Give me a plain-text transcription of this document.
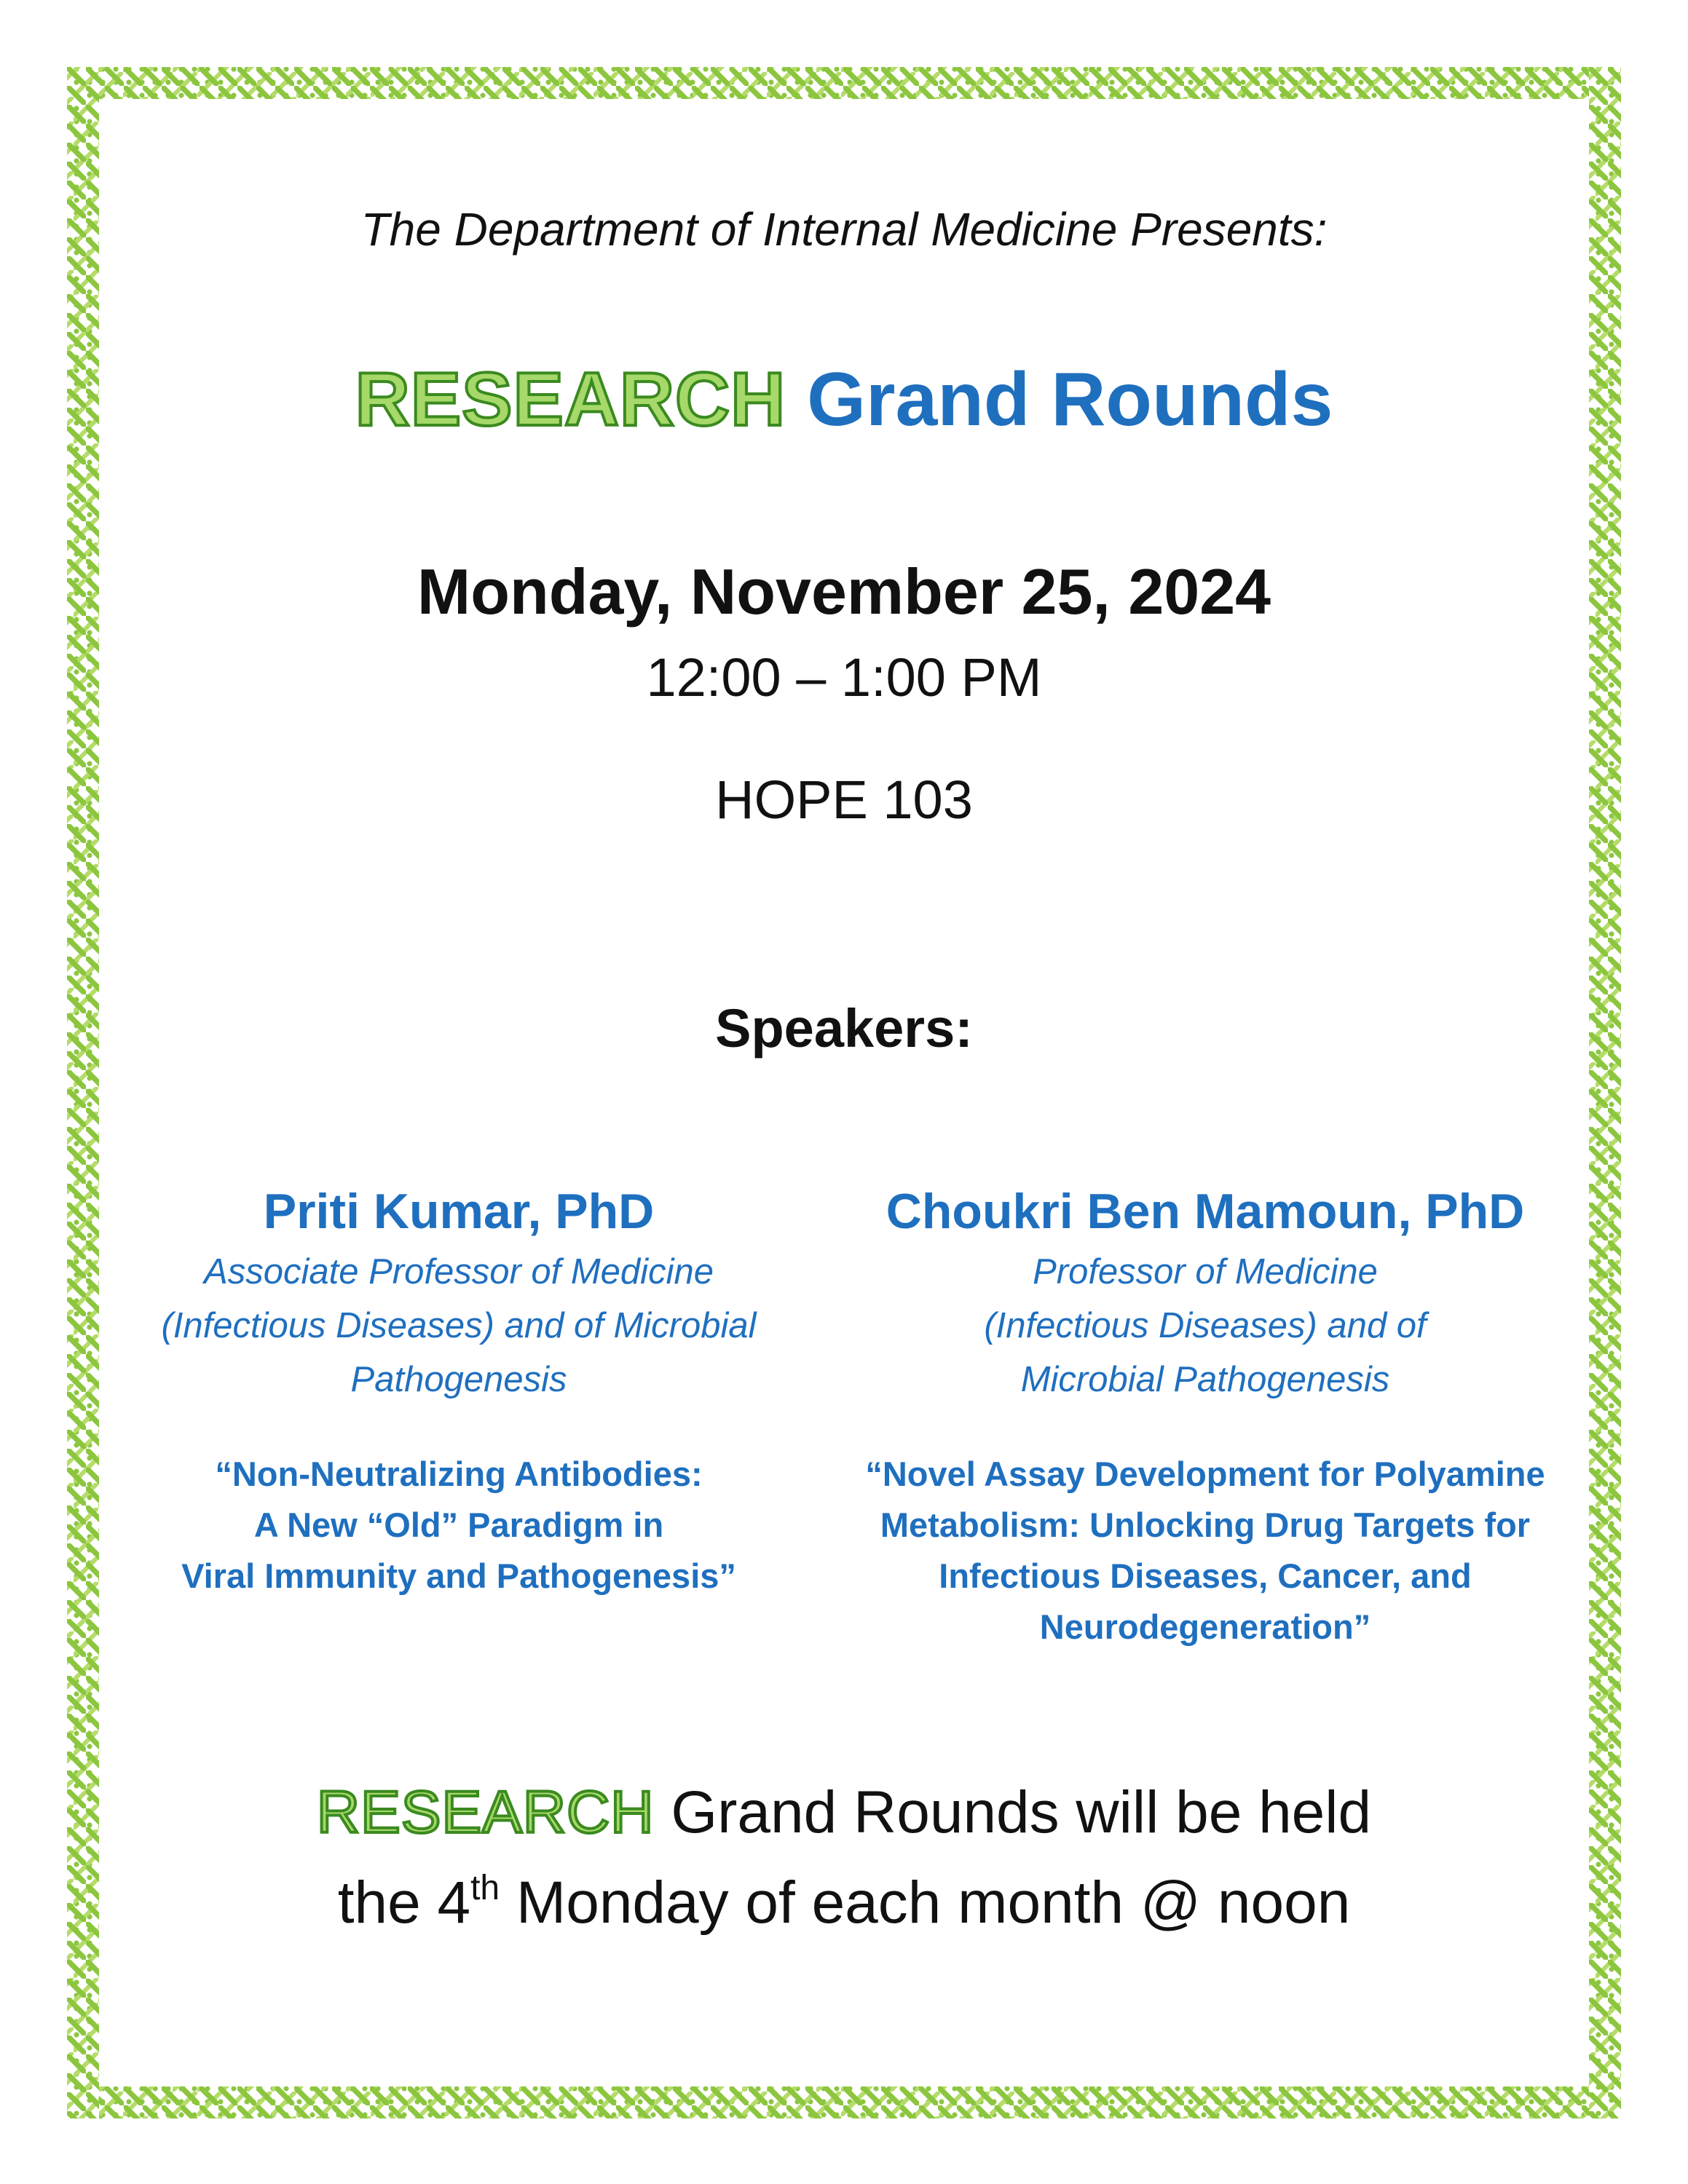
The Department of Internal Medicine Presents:
RESEARCH Grand Rounds
Monday, November 25, 2024
12:00 – 1:00 PM
HOPE 103
Speakers:
Priti Kumar, PhD
Associate Professor of Medicine
(Infectious Diseases) and of Microbial
Pathogenesis
“Non-Neutralizing Antibodies:
A New “Old” Paradigm in
Viral Immunity and Pathogenesis”
Choukri Ben Mamoun, PhD
Professor of Medicine
(Infectious Diseases) and of
Microbial Pathogenesis
“Novel Assay Development for Polyamine
Metabolism: Unlocking Drug Targets for
Infectious Diseases, Cancer, and
Neurodegeneration”
RESEARCH Grand Rounds will be held
the 4th Monday of each month @ noon
